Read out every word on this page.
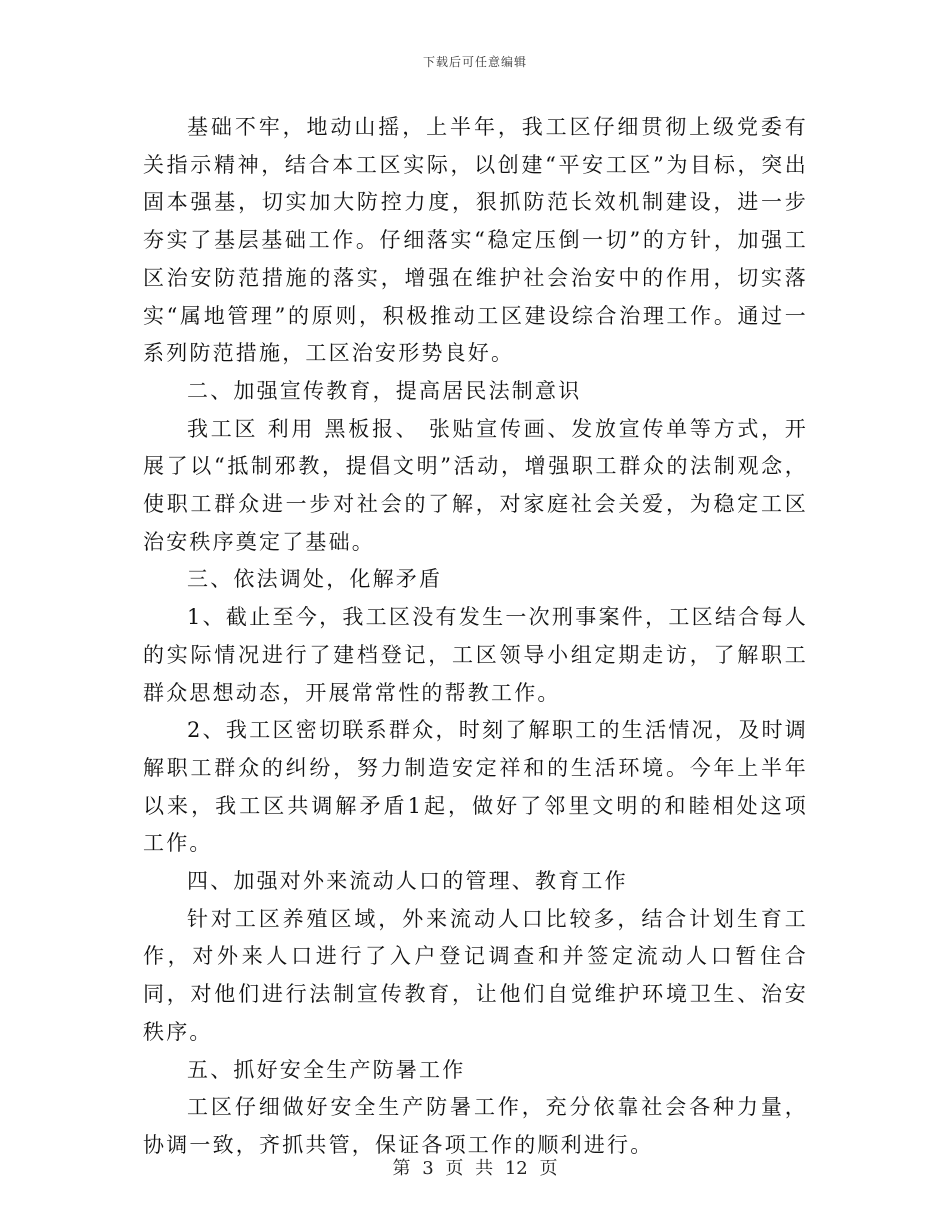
下载后可任意编辑

基础不牢，地动山摇，上半年，我工区仔细贯彻上级党委有关指示精神，结合本工区实际，以创建“平安工区”为目标，突出固本强基，切实加大防控力度，狠抓防范长效机制建设，进一步夯实了基层基础工作。仔细落实“稳定压倒一切”的方针，加强工区治安防范措施的落实，增强在维护社会治安中的作用，切实落实“属地管理”的原则，积极推动工区建设综合治理工作。通过一系列防范措施，工区治安形势良好。

二、加强宣传教育，提高居民法制意识

我工区 利用 黑板报、 张贴宣传画、发放宣传单等方式，开展了以“抵制邪教，提倡文明”活动，增强职工群众的法制观念，使职工群众进一步对社会的了解，对家庭社会关爱，为稳定工区治安秩序奠定了基础。

三、依法调处，化解矛盾

1、截止至今，我工区没有发生一次刑事案件，工区结合每人的实际情况进行了建档登记，工区领导小组定期走访，了解职工群众思想动态，开展常常性的帮教工作。

2、我工区密切联系群众，时刻了解职工的生活情况，及时调解职工群众的纠纷，努力制造安定祥和的生活环境。今年上半年以来，我工区共调解矛盾1起，做好了邻里文明的和睦相处这项工作。

四、加强对外来流动人口的管理、教育工作

针对工区养殖区域，外来流动人口比较多，结合计划生育工作，对外来人口进行了入户登记调查和并签定流动人口暂住合同，对他们进行法制宣传教育，让他们自觉维护环境卫生、治安秩序。

五、抓好安全生产防暑工作

工区仔细做好安全生产防暑工作，充分依靠社会各种力量，协调一致，齐抓共管，保证各项工作的顺利进行。

第 3 页 共 12 页
